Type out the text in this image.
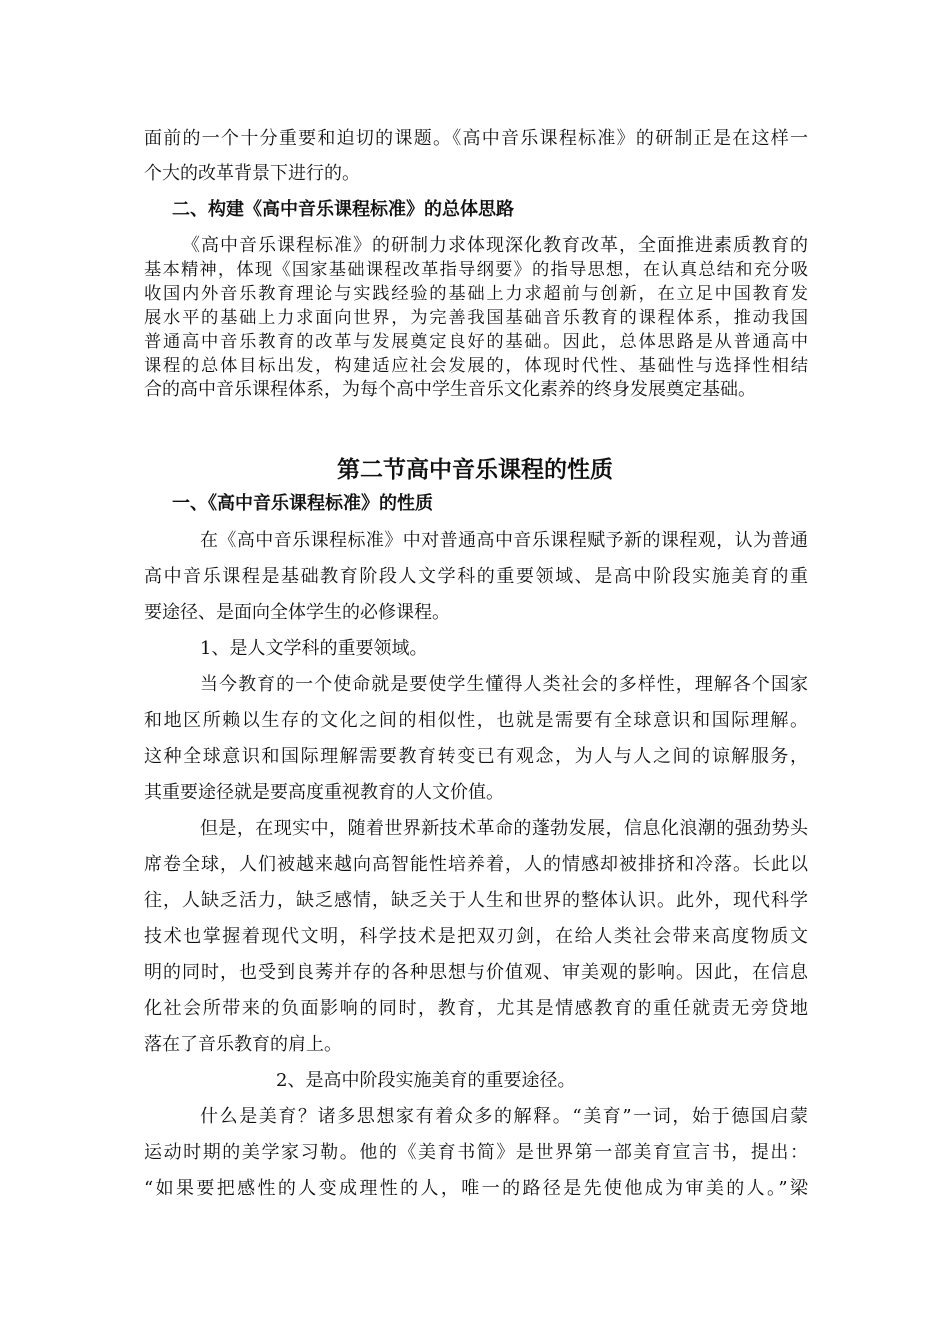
面前的一个十分重要和迫切的课题。《高中音乐课程标准》的研制正是在这样一
个大的改革背景下进行的。
二、构建《高中音乐课程标准》的总体思路
《高中音乐课程标准》的研制力求体现深化教育改革，全面推进素质教育的
基本精神，体现《国家基础课程改革指导纲要》的指导思想，在认真总结和充分吸
收国内外音乐教育理论与实践经验的基础上力求超前与创新，在立足中国教育发
展水平的基础上力求面向世界，为完善我国基础音乐教育的课程体系，推动我国
普通高中音乐教育的改革与发展奠定良好的基础。因此，总体思路是从普通高中
课程的总体目标出发，构建适应社会发展的，体现时代性、基础性与选择性相结
合的高中音乐课程体系，为每个高中学生音乐文化素养的终身发展奠定基础。
第二节高中音乐课程的性质
一、《高中音乐课程标准》的性质
在《高中音乐课程标准》中对普通高中音乐课程赋予新的课程观，认为普通
高中音乐课程是基础教育阶段人文学科的重要领域、是高中阶段实施美育的重
要途径、是面向全体学生的必修课程。
1、是人文学科的重要领域。
当今教育的一个使命就是要使学生懂得人类社会的多样性，理解各个国家
和地区所赖以生存的文化之间的相似性，也就是需要有全球意识和国际理解。
这种全球意识和国际理解需要教育转变已有观念，为人与人之间的谅解服务，
其重要途径就是要高度重视教育的人文价值。
但是，在现实中，随着世界新技术革命的蓬勃发展，信息化浪潮的强劲势头
席卷全球，人们被越来越向高智能性培养着，人的情感却被排挤和冷落。长此以
往，人缺乏活力，缺乏感情，缺乏关于人生和世界的整体认识。此外，现代科学
技术也掌握着现代文明，科学技术是把双刃剑，在给人类社会带来高度物质文
明的同时，也受到良莠并存的各种思想与价值观、审美观的影响。因此，在信息
化社会所带来的负面影响的同时，教育，尤其是情感教育的重任就责无旁贷地
落在了音乐教育的肩上。
2、是高中阶段实施美育的重要途径。
什么是美育？诸多思想家有着众多的解释。“美育”一词，始于德国启蒙
运动时期的美学家习勒。他的《美育书简》是世界第一部美育宣言书，提出：
“如果要把感性的人变成理性的人，唯一的路径是先使他成为审美的人。”梁
